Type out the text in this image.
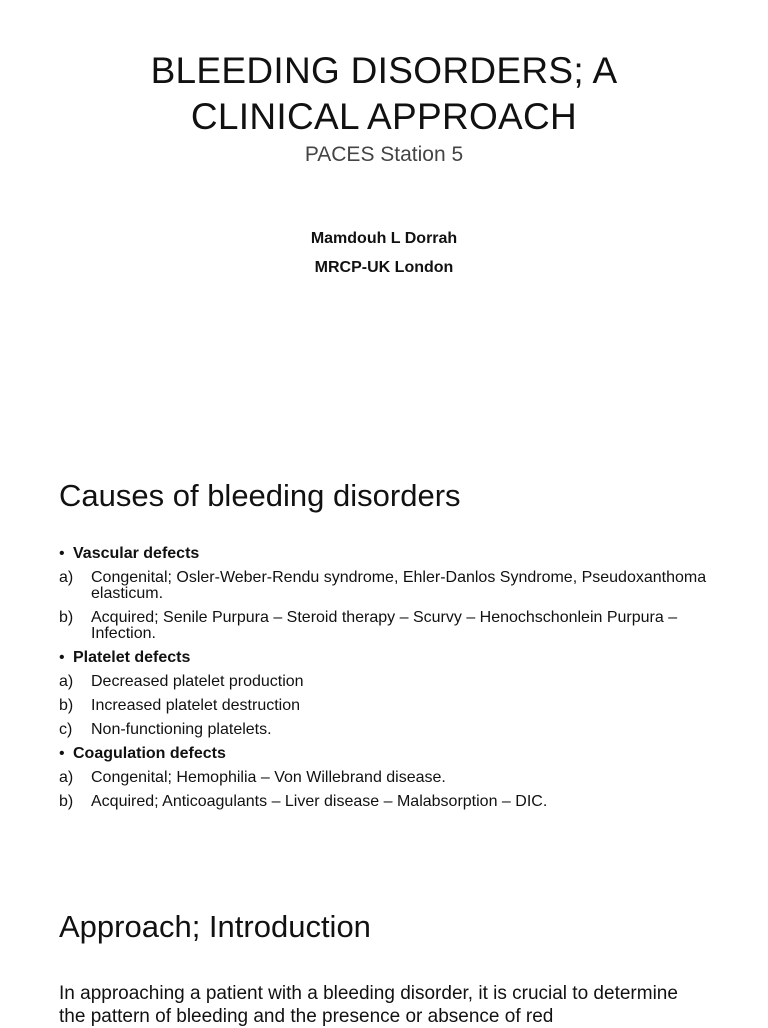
BLEEDING DISORDERS; A
CLINICAL APPROACH
PACES Station 5
Mamdouh L Dorrah
MRCP-UK London
Causes of bleeding disorders
• Vascular defects
a) Congenital; Osler-Weber-Rendu syndrome, Ehler-Danlos Syndrome, Pseudoxanthoma elasticum.
b) Acquired; Senile Purpura – Steroid therapy – Scurvy – Henochschonlein Purpura – Infection.
• Platelet defects
a) Decreased platelet production
b) Increased platelet destruction
c) Non-functioning platelets.
• Coagulation defects
a) Congenital; Hemophilia – Von Willebrand disease.
b) Acquired; Anticoagulants – Liver disease – Malabsorption – DIC.
Approach; Introduction
In approaching a patient with a bleeding disorder, it is crucial to determine the pattern of bleeding and the presence or absence of red
